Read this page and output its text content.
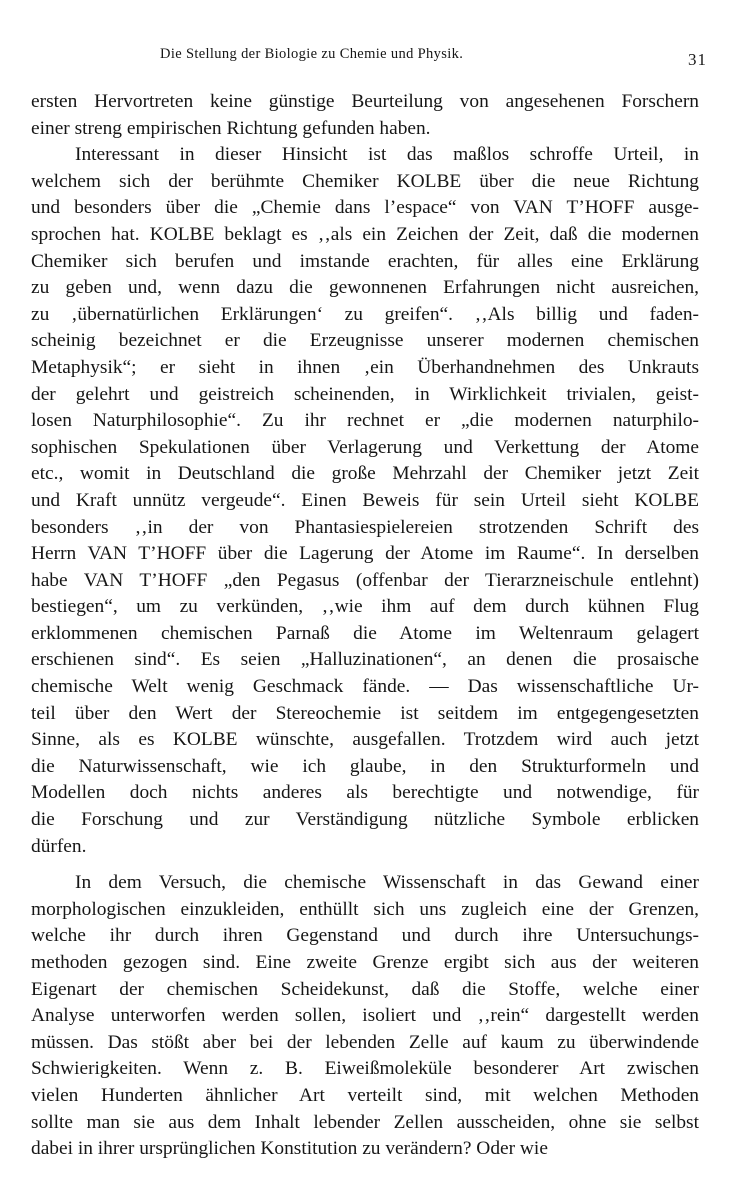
Die Stellung der Biologie zu Chemie und Physik.	31
ersten Hervortreten keine günstige Beurteilung von angesehenen Forschern
einer streng empirischen Richtung gefunden haben.
Interessant in dieser Hinsicht ist das maßlos schroffe Urteil, in
welchem sich der berühmte Chemiker KOLBE über die neue Richtung
und besonders über die „Chemie dans l’espace“ von VAN T’HOFF ausge-
sprochen hat. KOLBE beklagt es ‚‚als ein Zeichen der Zeit, daß die modernen
Chemiker sich berufen und imstande erachten, für alles eine Erklärung
zu geben und, wenn dazu die gewonnenen Erfahrungen nicht ausreichen,
zu ‚übernatürlichen Erklärungen‘ zu greifen“. ‚‚Als billig und faden-
scheinig bezeichnet er die Erzeugnisse unserer modernen chemischen
Metaphysik“; er sieht in ihnen ‚ein Überhandnehmen des Unkrauts
der gelehrt und geistreich scheinenden, in Wirklichkeit trivialen, geist-
losen Naturphilosophie“. Zu ihr rechnet er „die modernen naturphilo-
sophischen Spekulationen über Verlagerung und Verkettung der Atome
etc., womit in Deutschland die große Mehrzahl der Chemiker jetzt Zeit
und Kraft unnütz vergeude“. Einen Beweis für sein Urteil sieht KOLBE
besonders ‚‚in der von Phantasiespielereien strotzenden Schrift des
Herrn VAN T’HOFF über die Lagerung der Atome im Raume“. In derselben
habe VAN T’HOFF „den Pegasus (offenbar der Tierarzneischule entlehnt)
bestiegen“, um zu verkünden, ‚‚wie ihm auf dem durch kühnen Flug
erklommenen chemischen Parnaß die Atome im Weltenraum gelagert
erschienen sind“. Es seien „Halluzinationen“, an denen die prosaische
chemische Welt wenig Geschmack fände. — Das wissenschaftliche Ur-
teil über den Wert der Stereochemie ist seitdem im entgegengesetzten
Sinne, als es KOLBE wünschte, ausgefallen. Trotzdem wird auch jetzt
die Naturwissenschaft, wie ich glaube, in den Strukturformeln und
Modellen doch nichts anderes als berechtigte und notwendige, für
die Forschung und zur Verständigung nützliche Symbole erblicken
dürfen.
In dem Versuch, die chemische Wissenschaft in das Gewand einer
morphologischen einzukleiden, enthüllt sich uns zugleich eine der Grenzen,
welche ihr durch ihren Gegenstand und durch ihre Untersuchungs-
methoden gezogen sind. Eine zweite Grenze ergibt sich aus der weiteren
Eigenart der chemischen Scheidekunst, daß die Stoffe, welche einer
Analyse unterworfen werden sollen, isoliert und ‚‚rein“ dargestellt werden
müssen. Das stößt aber bei der lebenden Zelle auf kaum zu überwindende
Schwierigkeiten. Wenn z. B. Eiweißmoleküle besonderer Art zwischen
vielen Hunderten ähnlicher Art verteilt sind, mit welchen Methoden
sollte man sie aus dem Inhalt lebender Zellen ausscheiden, ohne sie selbst
dabei in ihrer ursprünglichen Konstitution zu verändern? Oder wie
